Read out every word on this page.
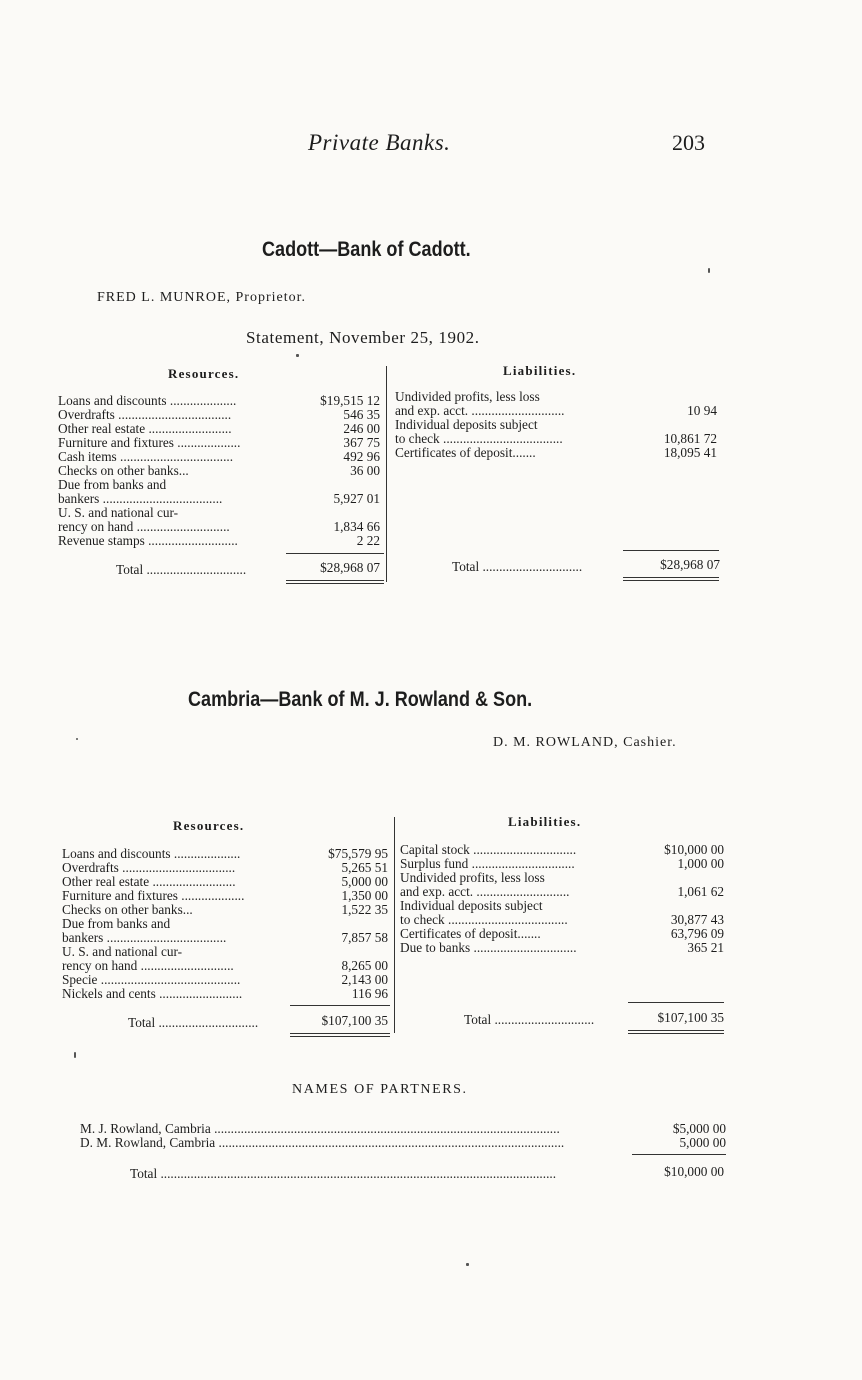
Private Banks.	203
Cadott—Bank of Cadott.
FRED L. MUNROE, Proprietor.
Statement, November 25, 1902.
Resources.	Liabilities.
Loans and discounts ....................	$19,515 12
Overdrafts ..................................	546 35
Other real estate .........................	246 00
Furniture and fixtures ...................	367 75
Cash items ..................................	492 96
Checks on other banks...	36 00
Due from banks and
bankers ....................................	5,927 01
U. S. and national cur-
rency on hand ............................	1,834 66
Revenue stamps ...........................	2 22
Undivided profits, less loss
and exp. acct. ............................	10 94
Individual deposits subject
to check ....................................	10,861 72
Certificates of deposit.......	18,095 41
Total ..............................	$28,968 07	Total ..............................	$28,968 07
Cambria—Bank of M. J. Rowland & Son.
D. M. ROWLAND, Cashier.
Resources.	Liabilities.
Loans and discounts ....................	$75,579 95
Overdrafts ..................................	5,265 51
Other real estate .........................	5,000 00
Furniture and fixtures ...................	1,350 00
Checks on other banks...	1,522 35
Due from banks and
bankers ....................................	7,857 58
U. S. and national cur-
rency on hand ............................	8,265 00
Specie ..........................................	2,143 00
Nickels and cents .........................	116 96
Capital stock ...............................	$10,000 00
Surplus fund ...............................	1,000 00
Undivided profits, less loss
and exp. acct. ............................	1,061 62
Individual deposits subject
to check ....................................	30,877 43
Certificates of deposit.......	63,796 09
Due to banks ...............................	365 21
Total ..............................	$107,100 35	Total ..............................	$107,100 35
NAMES OF PARTNERS.
M. J. Rowland, Cambria ........................................................................................................	$5,000 00
D. M. Rowland, Cambria ........................................................................................................	5,000 00
Total .......................................................................................................................	$10,000 00
